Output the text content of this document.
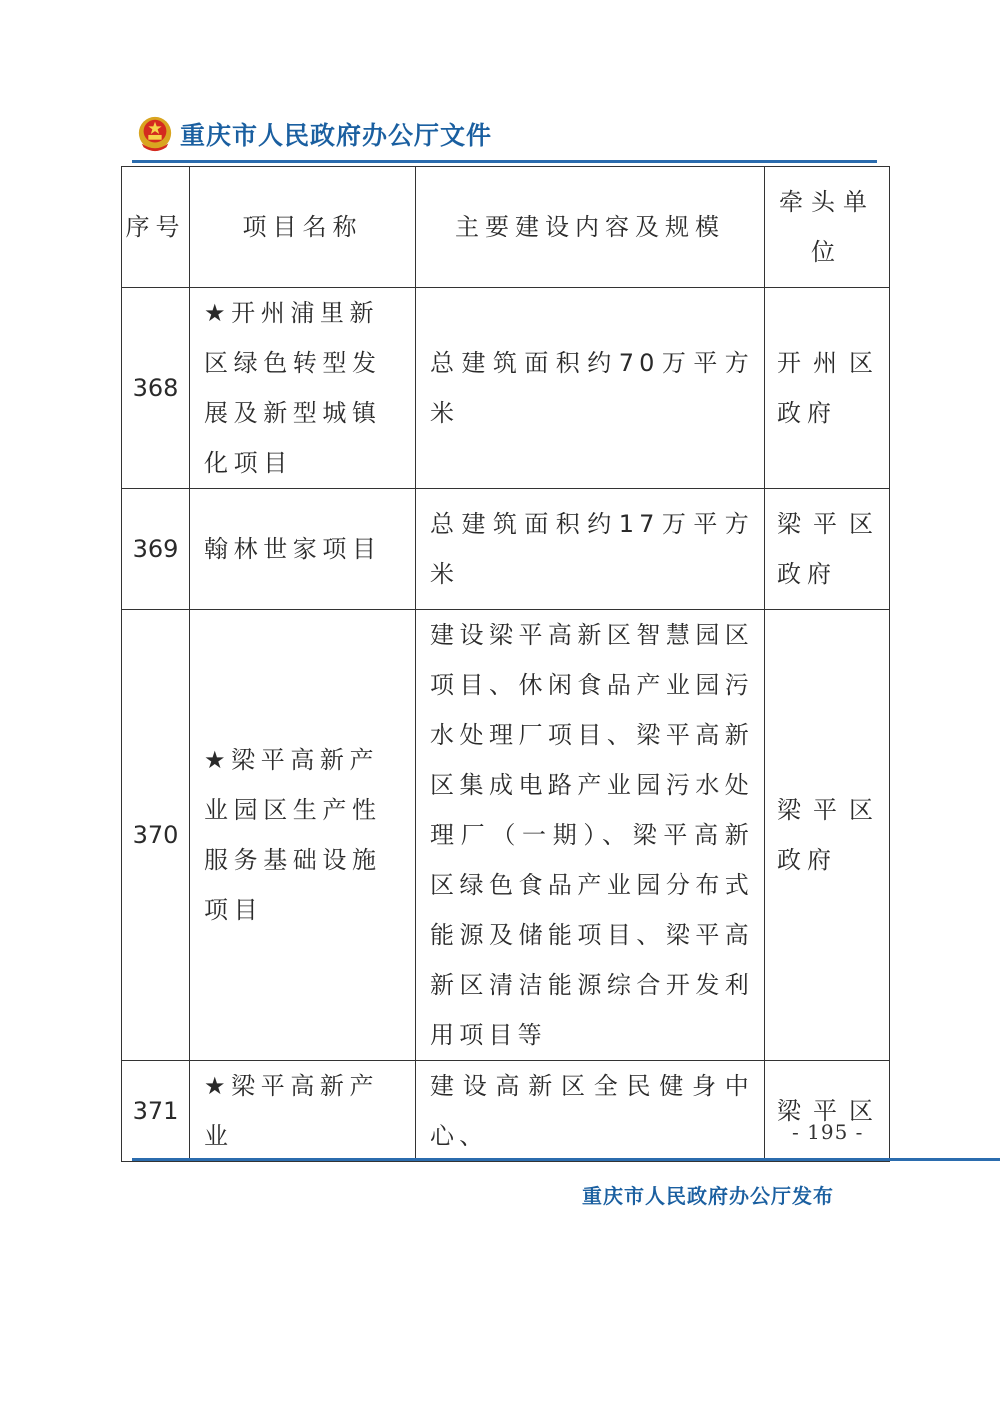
重庆市人民政府办公厅文件
序号	项目名称	主要建设内容及规模	牵头单位
368	★开州浦里新区绿色转型发展及新型城镇化项目	总建筑面积约70万平方米	开州区
政府

369	翰林世家项目	总建筑面积约17万平方米	梁平区
政府

370	★梁平高新产业园区生产性服务基础设施项目	建设梁平高新区智慧园区项目、休闲食品产业园污水处理厂项目、梁平高新区集成电路产业园污水处理厂（一期）、梁平高新区绿色食品产业园分布式能源及储能项目、梁平高新区清洁能源综合开发利用项目等	梁平区
政府

371	★梁平高新产业	建设高新区全民健身中心、	梁平区
- 195 -
重庆市人民政府办公厅发布
